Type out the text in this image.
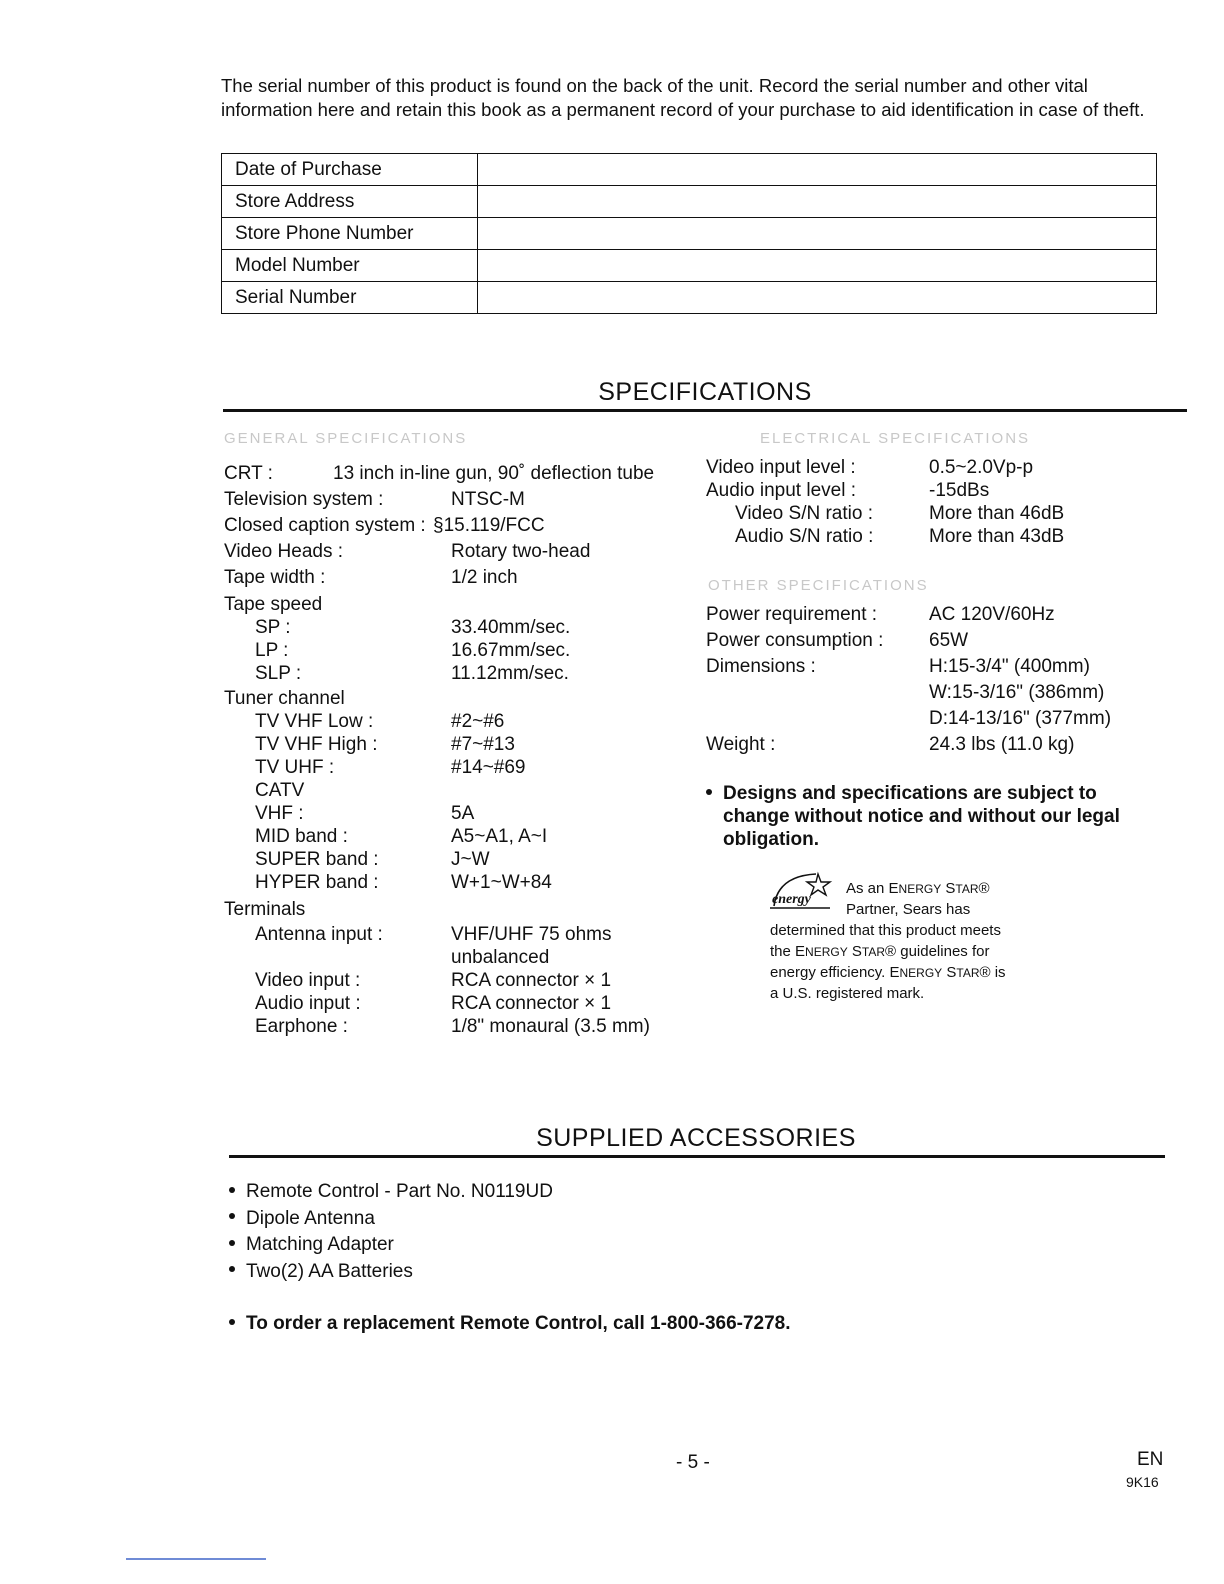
The serial number of this product is found on the back of the unit. Record the serial number and other vital information here and retain this book as a permanent record of your purchase to aid identification in case of theft.
Date of Purchase	
Store Address	
Store Phone Number	
Model Number	
Serial Number	
SPECIFICATIONS
GENERAL SPECIFICATIONS	ELECTRICAL SPECIFICATIONS
OTHER SPECIFICATIONS
CRT :	13 inch in-line gun, 90˚ deflection tube
Television system :	NTSC-M
Closed caption system : §15.119/FCC
Video Heads :	Rotary two-head
Tape width :	1/2 inch
Tape speed
SP :	33.40mm/sec.
LP :	16.67mm/sec.
SLP :	11.12mm/sec.
Tuner channel
TV VHF Low :	#2~#6
TV VHF High :	#7~#13
TV UHF :	#14~#69
CATV
VHF :	5A
MID band :	A5~A1, A~I
SUPER band :	J~W
HYPER band :	W+1~W+84
Terminals
Antenna input :	VHF/UHF 75 ohms
unbalanced
Video input :	RCA connector × 1
Audio input :	RCA connector × 1
Earphone :	1/8" monaural (3.5 mm)
Video input level :	0.5~2.0Vp-p
Audio input level :	-15dBs
Video S/N ratio :	More than 46dB
Audio S/N ratio :	More than 43dB
Power requirement :	AC 120V/60Hz
Power consumption : 65W
Dimensions :	H:15-3/4" (400mm)
W:15-3/16" (386mm)
D:14-13/16" (377mm)
Weight :	24.3 lbs (11.0 kg)
Designs and specifications are subject to
change without notice and without our legal
obligation.
energy
As an ENERGY STAR®
Partner, Sears has
determined that this product meets
the ENERGY STAR® guidelines for
energy efficiency. ENERGY STAR® is
a U.S. registered mark.
SUPPLIED ACCESSORIES
Remote Control - Part No. N0119UD
Dipole Antenna
Matching Adapter
Two(2) AA Batteries
To order a replacement Remote Control, call 1-800-366-7278.
- 5 -	EN
9K16
